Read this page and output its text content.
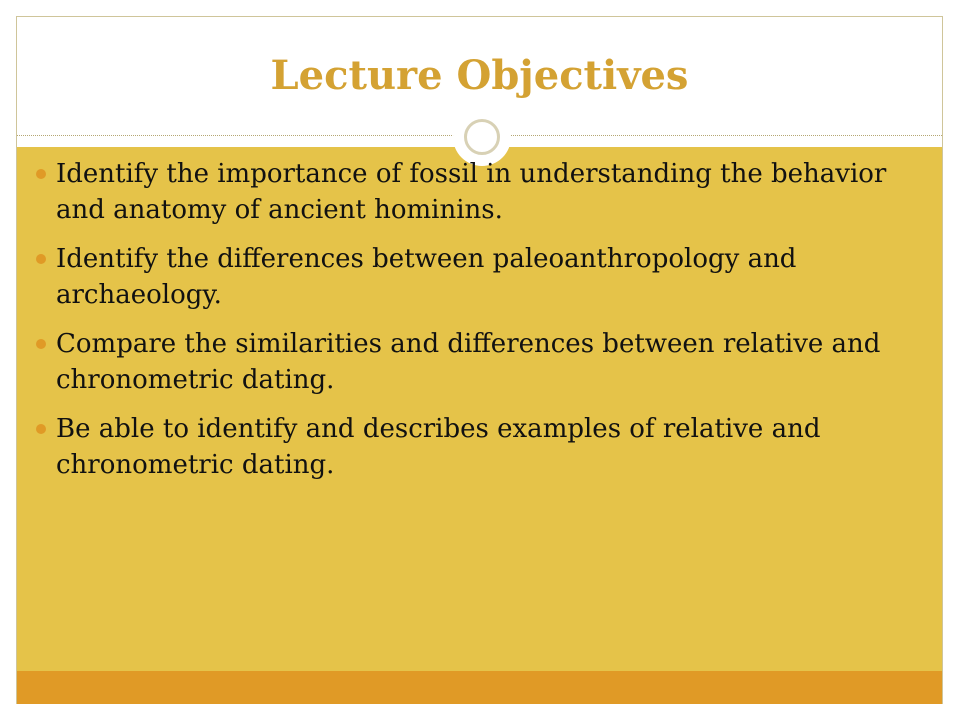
Lecture Objectives
Identify the importance of fossil in understanding the behavior and anatomy of ancient hominins.
Identify the differences between paleoanthropology and archaeology.
Compare the similarities and differences between relative and chronometric dating.
Be able to identify and describes examples of relative and chronometric dating.
